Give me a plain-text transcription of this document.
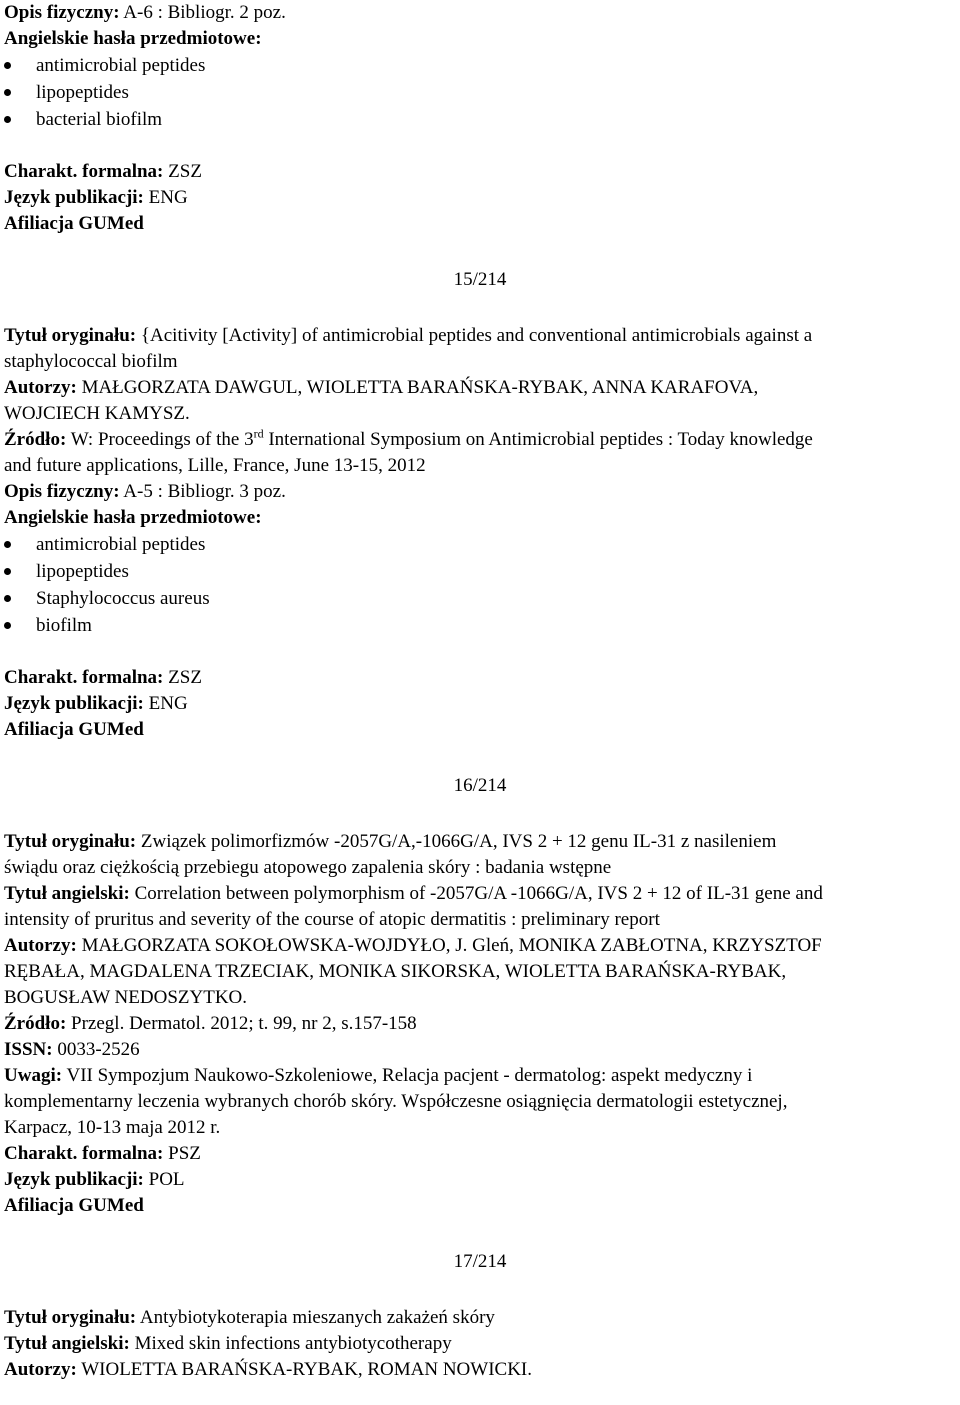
Opis fizyczny: A-6 : Bibliogr. 2 poz.
Angielskie hasła przedmiotowe:
antimicrobial peptides
lipopeptides
bacterial biofilm
Charakt. formalna: ZSZ
Język publikacji: ENG
Afiliacja GUMed
15/214
Tytuł oryginału: {Acitivity [Activity] of antimicrobial peptides and conventional antimicrobials against a
staphylococcal biofilm
Autorzy: MAŁGORZATA DAWGUL, WIOLETTA BARAŃSKA-RYBAK, ANNA KARAFOVA,
WOJCIECH KAMYSZ.
Źródło: W: Proceedings of the 3rd International Symposium on Antimicrobial peptides : Today knowledge
and future applications, Lille, France, June 13-15, 2012
Opis fizyczny: A-5 : Bibliogr. 3 poz.
Angielskie hasła przedmiotowe:
antimicrobial peptides
lipopeptides
Staphylococcus aureus
biofilm
Charakt. formalna: ZSZ
Język publikacji: ENG
Afiliacja GUMed
16/214
Tytuł oryginału: Związek polimorfizmów -2057G/A,-1066G/A, IVS 2 + 12 genu IL-31 z nasileniem
świądu oraz ciężkością przebiegu atopowego zapalenia skóry : badania wstępne
Tytuł angielski: Correlation between polymorphism of -2057G/A -1066G/A, IVS 2 + 12 of IL-31 gene and
intensity of pruritus and severity of the course of atopic dermatitis : preliminary report
Autorzy: MAŁGORZATA SOKOŁOWSKA-WOJDYŁO, J. Gleń, MONIKA ZABŁOTNA, KRZYSZTOF
RĘBAŁA, MAGDALENA TRZECIAK, MONIKA SIKORSKA, WIOLETTA BARAŃSKA-RYBAK,
BOGUSŁAW NEDOSZYTKO.
Źródło: Przegl. Dermatol. 2012; t. 99, nr 2, s.157-158
ISSN: 0033-2526
Uwagi: VII Sympozjum Naukowo-Szkoleniowe, Relacja pacjent - dermatolog: aspekt medyczny i
komplementarny leczenia wybranych chorób skóry. Współczesne osiągnięcia dermatologii estetycznej,
Karpacz, 10-13 maja 2012 r.
Charakt. formalna: PSZ
Język publikacji: POL
Afiliacja GUMed
17/214
Tytuł oryginału: Antybiotykoterapia mieszanych zakażeń skóry
Tytuł angielski: Mixed skin infections antybiotycotherapy
Autorzy: WIOLETTA BARAŃSKA-RYBAK, ROMAN NOWICKI.
